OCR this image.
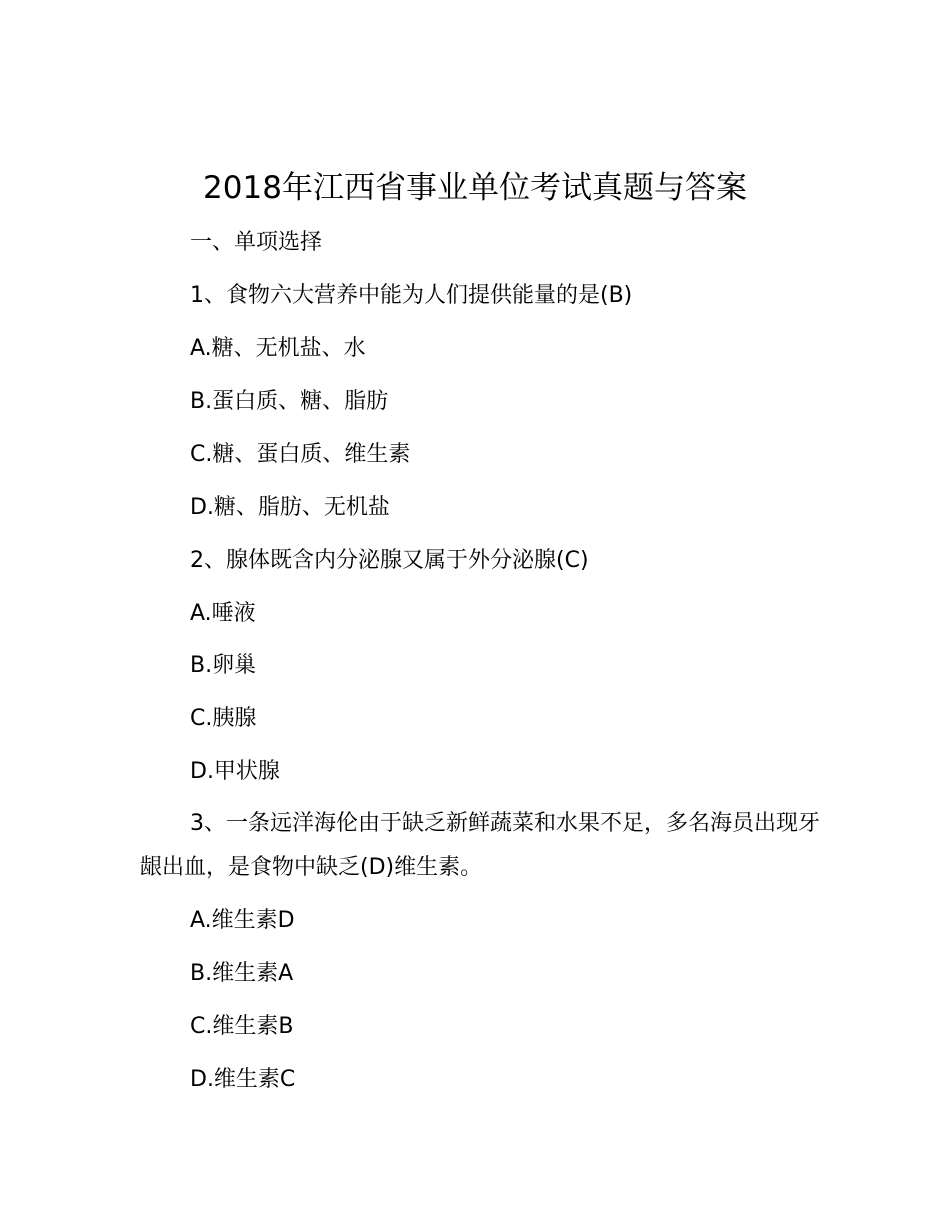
2018年江西省事业单位考试真题与答案
一、单项选择
1、食物六大营养中能为人们提供能量的是(B)
A.糖、无机盐、水
B.蛋白质、糖、脂肪
C.糖、蛋白质、维生素
D.糖、脂肪、无机盐
2、腺体既含内分泌腺又属于外分泌腺(C)
A.唾液
B.卵巢
C.胰腺
D.甲状腺
3、一条远洋海伦由于缺乏新鲜蔬菜和水果不足，多名海员出现牙龈出血，是食物中缺乏(D)维生素。
A.维生素D
B.维生素A
C.维生素B
D.维生素C
